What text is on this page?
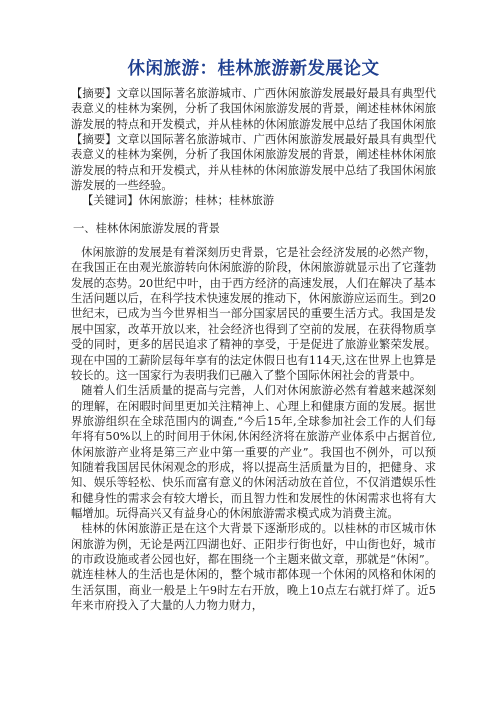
休闲旅游：桂林旅游新发展论文

【摘要】文章以国际著名旅游城市、广西休闲旅游发展最好最具有典型代表意义的桂林为案例，分析了我国休闲旅游发展的背景，阐述桂林休闲旅游发展的特点和开发模式，并从桂林的休闲旅游发展中总结了我国休闲旅 【摘要】文章以国际著名旅游城市、广西休闲旅游发展最好最具有典型代表意义的桂林为案例，分析了我国休闲旅游发展的背景，阐述桂林休闲旅游发展的特点和开发模式，并从桂林的休闲旅游发展中总结了我国休闲旅游发展的一些经验。

【关键词】休闲旅游；桂林；桂林旅游

一、桂林休闲旅游发展的背景

休闲旅游的发展是有着深刻历史背景，它是社会经济发展的必然产物，在我国正在由观光旅游转向休闲旅游的阶段，休闲旅游就显示出了它蓬勃发展的态势。20世纪中叶，由于西方经济的高速发展，人们在解决了基本生活问题以后，在科学技术快速发展的推动下，休闲旅游应运而生。到20世纪末，已成为当今世界相当一部分国家居民的重要生活方式。我国是发展中国家，改革开放以来，社会经济也得到了空前的发展，在获得物质享受的同时，更多的居民追求了精神的享受，于是促进了旅游业繁荣发展。现在中国的工薪阶层每年享有的法定休假日也有114天,这在世界上也算是较长的。这一国家行为表明我们已融入了整个国际休闲社会的背景中。

随着人们生活质量的提高与完善，人们对休闲旅游必然有着越来越深刻的理解，在闲暇时间里更加关注精神上、心理上和健康方面的发展。据世界旅游组织在全球范围内的调查,“今后15年,全球参加社会工作的人们每年将有50%以上的时间用于休闲,休闲经济将在旅游产业体系中占据首位,休闲旅游产业将是第三产业中第一重要的产业”。我国也不例外，可以预知随着我国居民休闲观念的形成，将以提高生活质量为目的，把健身、求知、娱乐等轻松、快乐而富有意义的休闲活动放在首位，不仅消遣娱乐性和健身性的需求会有较大增长，而且智力性和发展性的休闲需求也将有大幅增加。玩得高兴又有益身心的休闲旅游需求模式成为消费主流。

桂林的休闲旅游正是在这个大背景下逐渐形成的。以桂林的市区城市休闲旅游为例，无论是两江四湖也好、正阳步行街也好，中山街也好，城市的市政设施或者公园也好，都在围绕一个主题来做文章，那就是“休闲”。就连桂林人的生活也是休闲的，整个城市都体现一个休闲的风格和休闲的生活氛围，商业一般是上午9时左右开放，晚上10点左右就打烊了。近5年来市府投入了大量的人力物力财力，
